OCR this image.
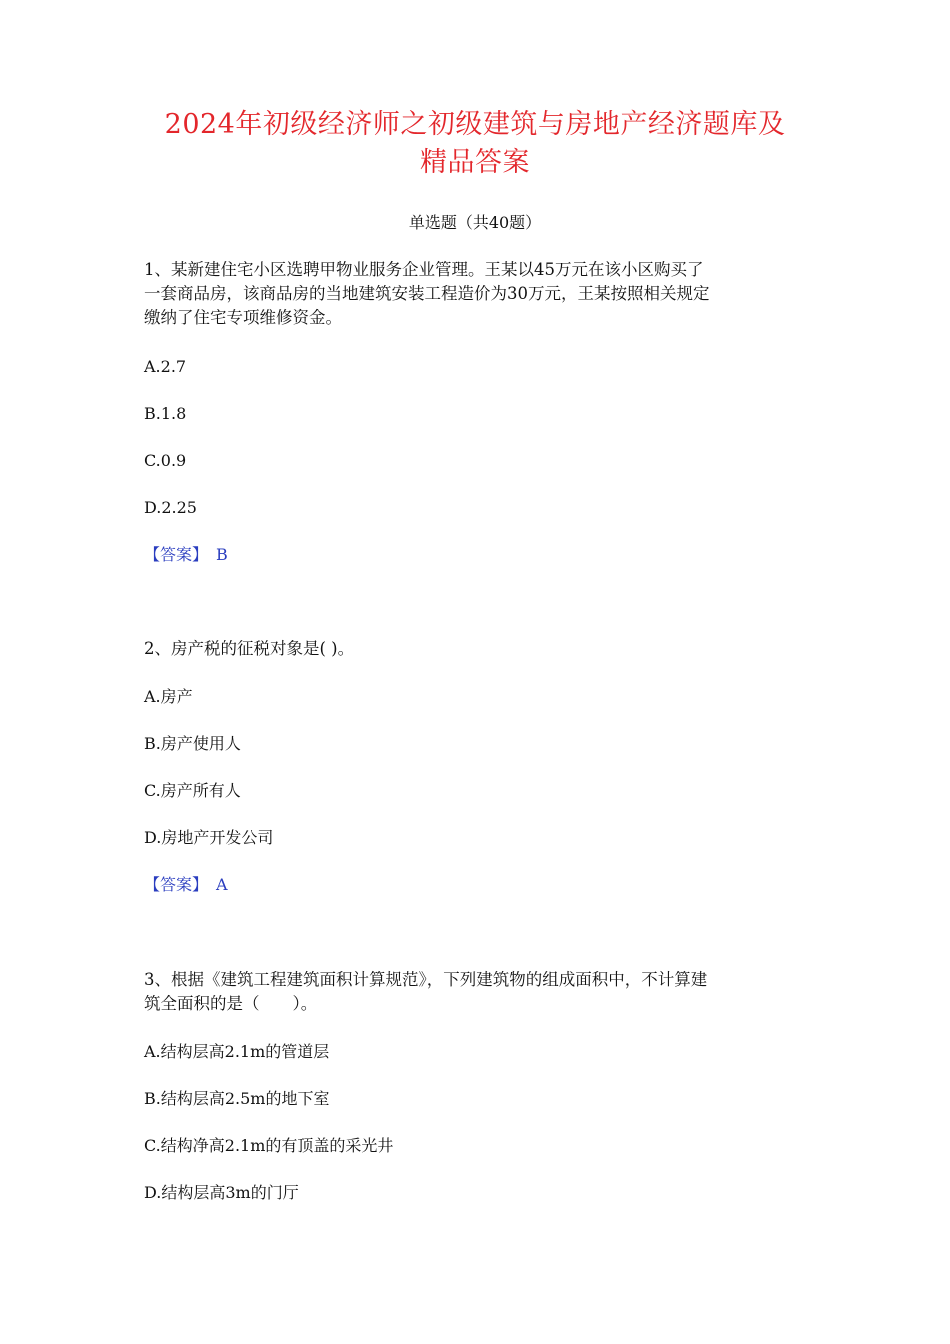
2024年初级经济师之初级建筑与房地产经济题库及
精品答案
单选题（共40题）
1、某新建住宅小区选聘甲物业服务企业管理。王某以45万元在该小区购买了
一套商品房，该商品房的当地建筑安装工程造价为30万元，王某按照相关规定
缴纳了住宅专项维修资金。
A.2.7
B.1.8
C.0.9
D.2.25
【答案】 B
2、房产税的征税对象是( )。
A.房产
B.房产使用人
C.房产所有人
D.房地产开发公司
【答案】 A
3、根据《建筑工程建筑面积计算规范》，下列建筑物的组成面积中，不计算建
筑全面积的是（　　）。
A.结构层高2.1m的管道层
B.结构层高2.5m的地下室
C.结构净高2.1m的有顶盖的采光井
D.结构层高3m的门厅
